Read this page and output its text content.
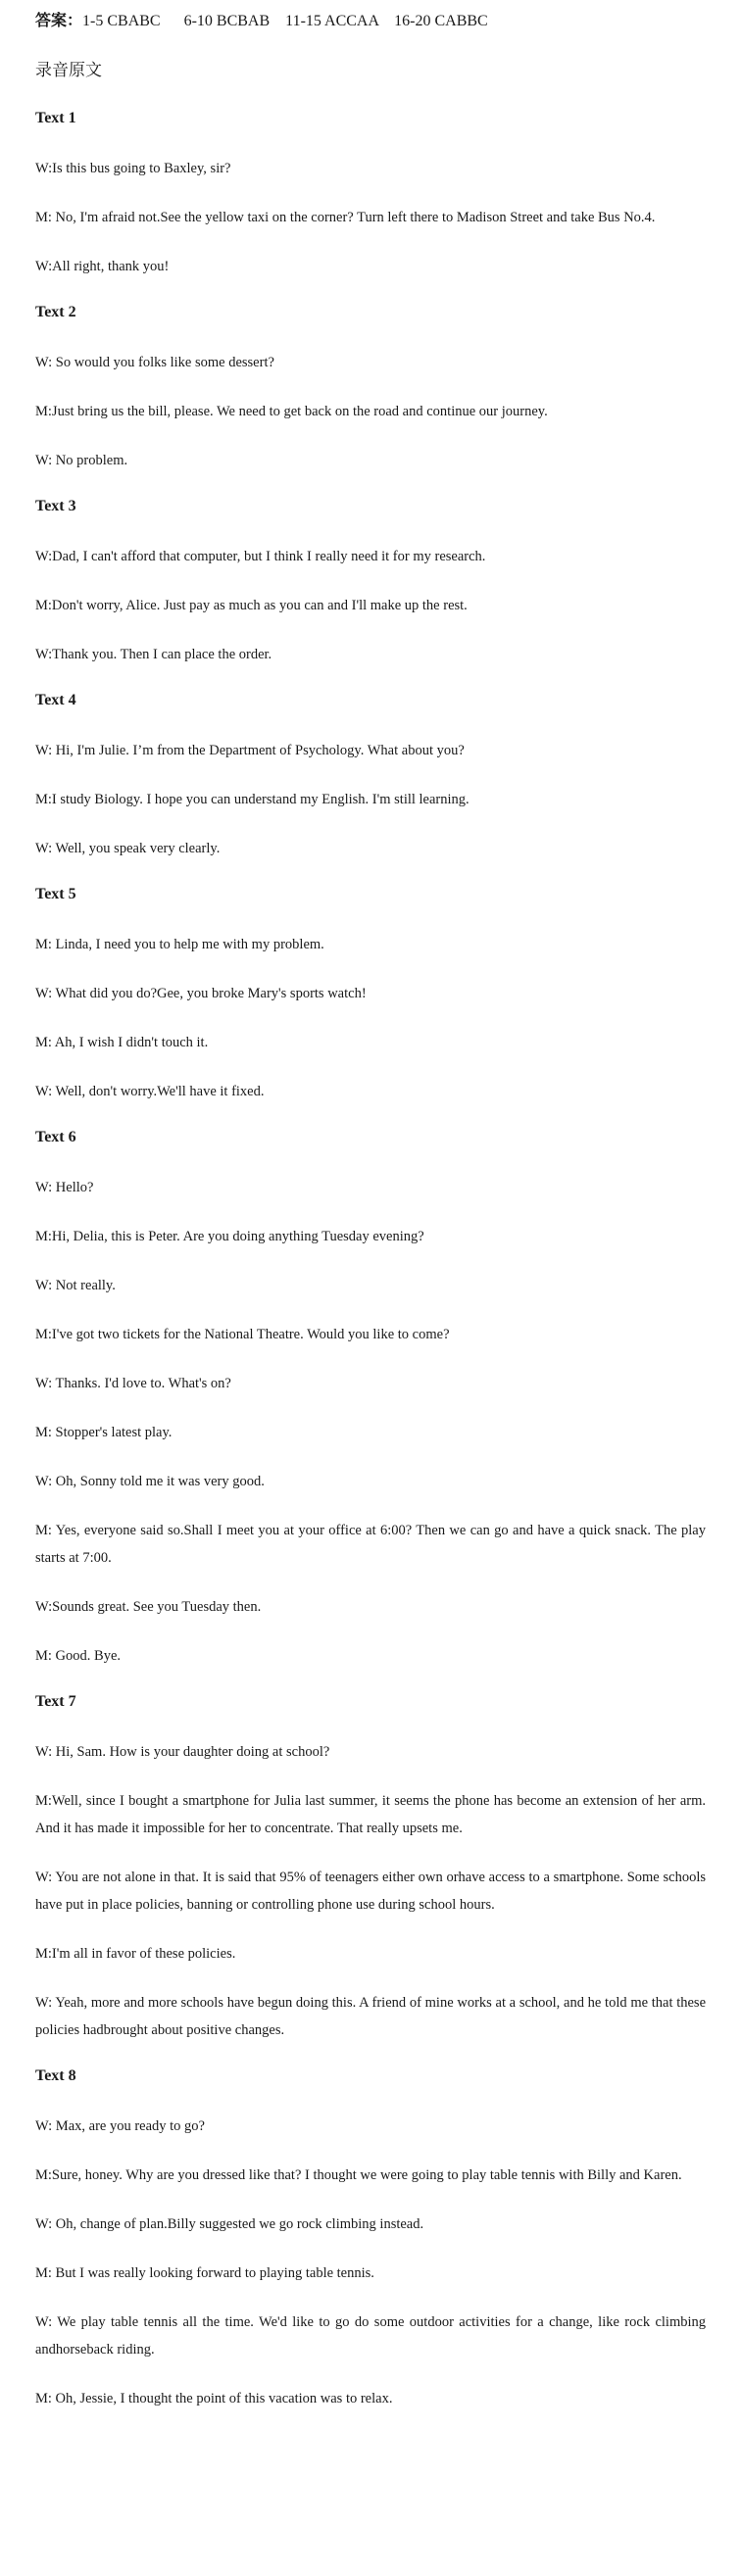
答案：1-5 CBABC      6-10 BCBAB    11-15 ACCAA    16-20 CABBC
录音原文
Text 1
W:Is this bus going to Baxley, sir?
M: No, I'm afraid not.See the yellow taxi on the corner? Turn left there to Madison Street and take Bus No.4.
W:All right, thank you!
Text 2
W: So would you folks like some dessert?
M:Just bring us the bill, please. We need to get back on the road and continue our journey.
W: No problem.
Text 3
W:Dad, I can't afford that computer, but I think I really need it for my research.
M:Don't worry, Alice. Just pay as much as you can and I'll make up the rest.
W:Thank you. Then I can place the order.
Text 4
W: Hi, I'm Julie. I’m from the Department of Psychology. What about you?
M:I study Biology. I hope you can understand my English. I'm still learning.
W: Well, you speak very clearly.
Text 5
M: Linda, I need you to help me with my problem.
W: What did you do?Gee, you broke Mary's sports watch!
M: Ah, I wish I didn't touch it.
W: Well, don't worry.We'll have it fixed.
Text 6
W: Hello?
M:Hi, Delia, this is Peter. Are you doing anything Tuesday evening?
W: Not really.
M:I've got two tickets for the National Theatre. Would you like to come?
W: Thanks. I'd love to. What's on?
M: Stopper's latest play.
W: Oh, Sonny told me it was very good.
M: Yes, everyone said so.Shall I meet you at your office at 6:00? Then we can go and have a quick snack. The play starts at 7:00.
W:Sounds great. See you Tuesday then.
M: Good. Bye.
Text 7
W: Hi, Sam. How is your daughter doing at school?
M:Well, since I bought a smartphone for Julia last summer, it seems the phone has become an extension of her arm. And it has made it impossible for her to concentrate. That really upsets me.
W: You are not alone in that. It is said that 95% of teenagers either own orhave access to a smartphone. Some schools have put in place policies, banning or controlling phone use during school hours.
M:I'm all in favor of these policies.
W: Yeah, more and more schools have begun doing this. A friend of mine works at a school, and he told me that these policies hadbrought about positive changes.
Text 8
W: Max, are you ready to go?
M:Sure, honey. Why are you dressed like that? I thought we were going to play table tennis with Billy and Karen.
W: Oh, change of plan.Billy suggested we go rock climbing instead.
M: But I was really looking forward to playing table tennis.
W: We play table tennis all the time. We'd like to go do some outdoor activities for a change, like rock climbing andhorseback riding.
M: Oh, Jessie, I thought the point of this vacation was to relax.
